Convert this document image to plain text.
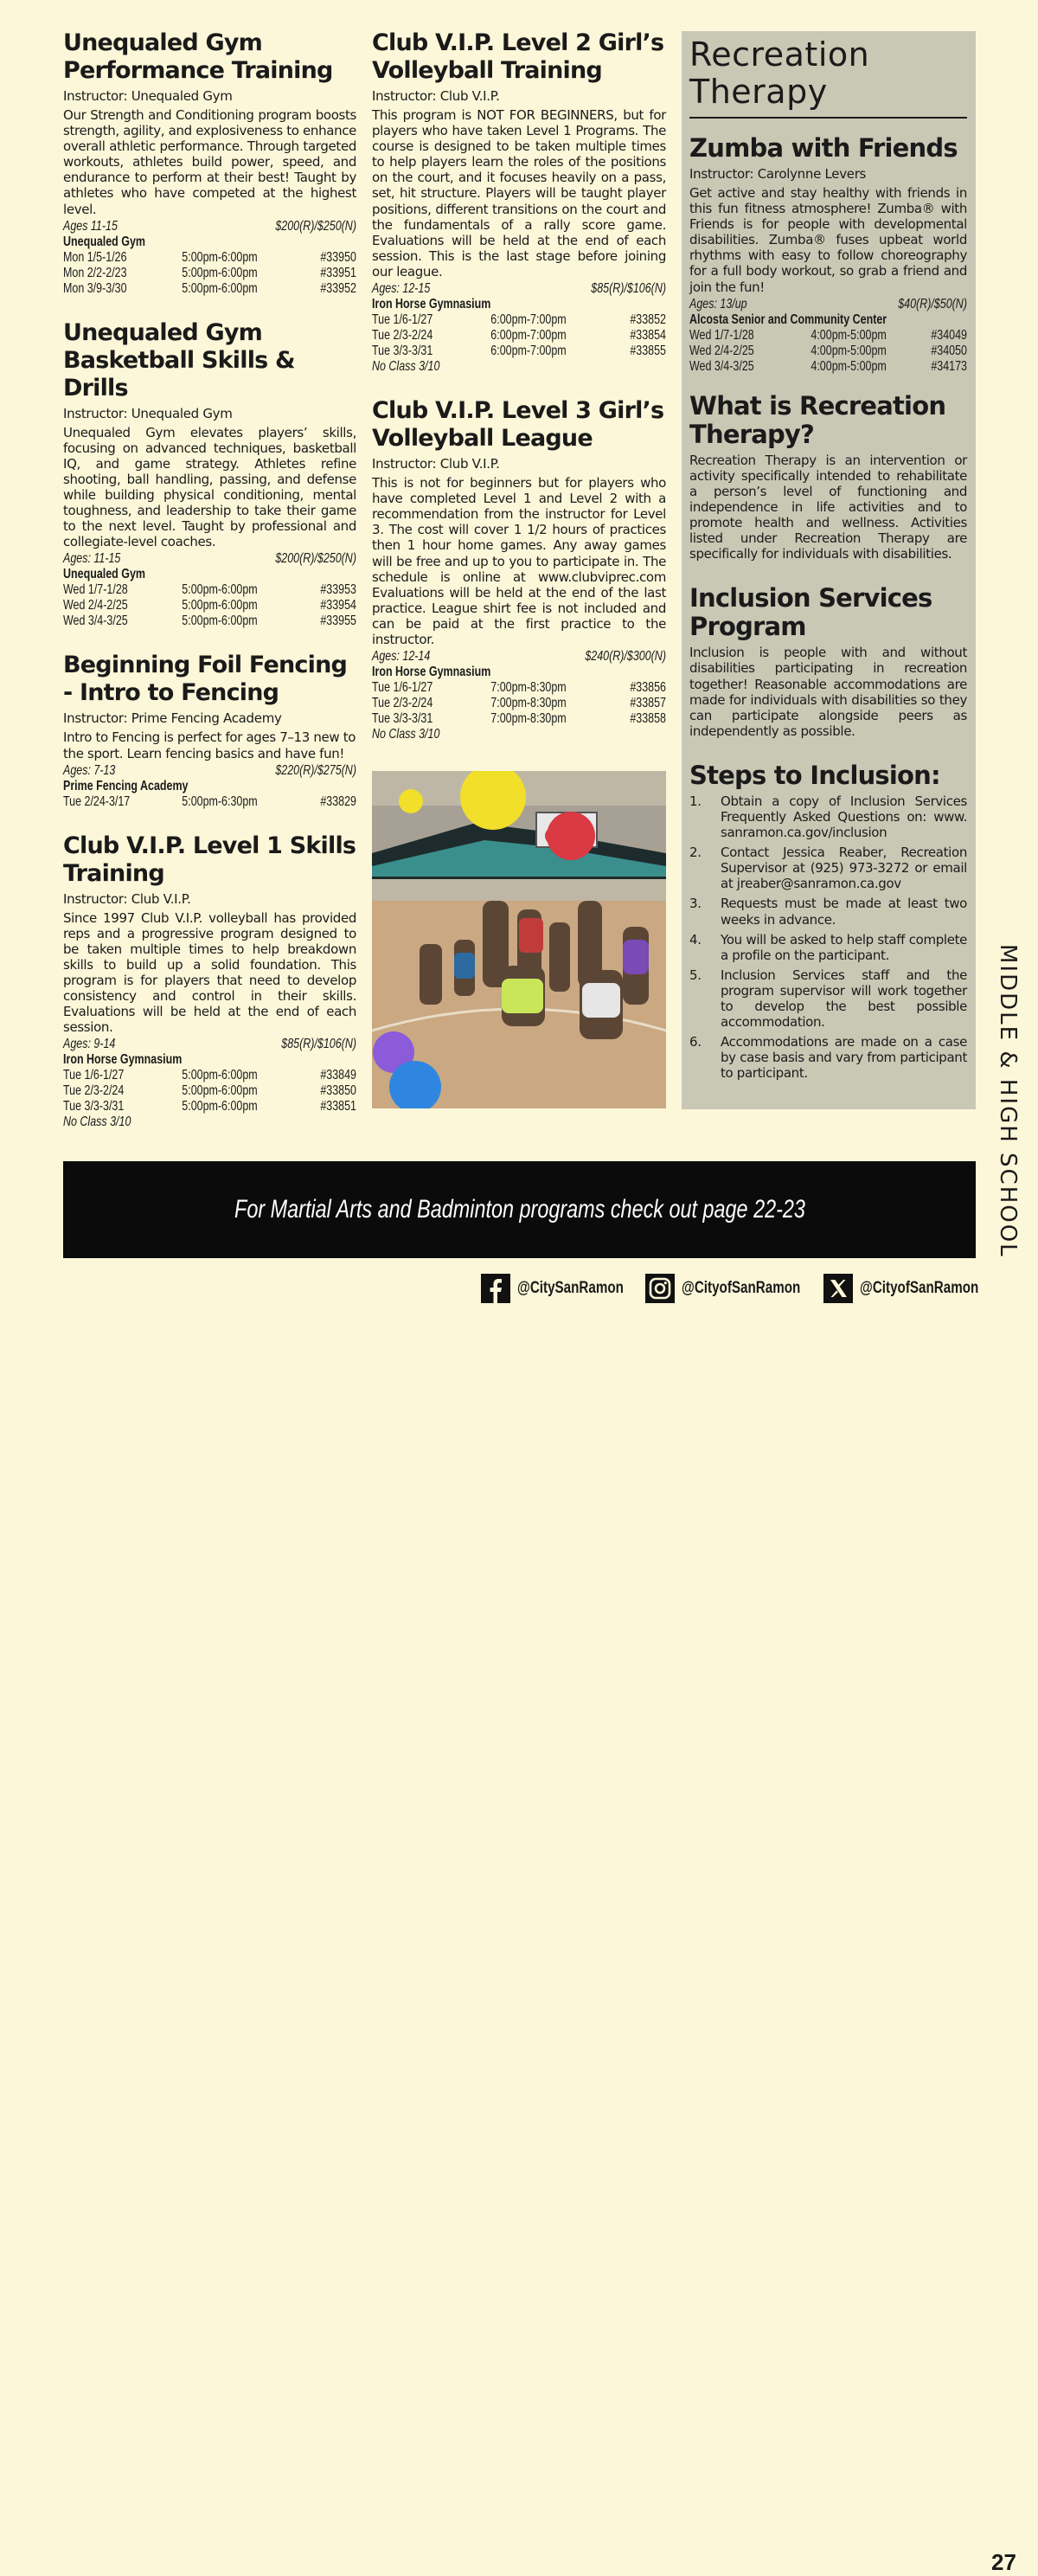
Unequaled Gym Performance Training

Instructor: Unequaled Gym

Our Strength and Conditioning program boosts strength, agility, and explosiveness to enhance overall athletic performance. Through targeted workouts, athletes build power, speed, and endurance to perform at their best! Taught by athletes who have competed at the highest level.

Ages 11-15	$200(R)/$250(N)
Unequaled Gym
Mon 1/5-1/26	5:00pm-6:00pm	#33950
Mon 2/2-2/23	5:00pm-6:00pm	#33951
Mon 3/9-3/30	5:00pm-6:00pm	#33952
Unequaled Gym Basketball Skills & Drills

Instructor: Unequaled Gym

Unequaled Gym elevates players’ skills, focusing on advanced techniques, basketball IQ, and game strategy. Athletes refine shooting, ball handling, passing, and defense while building physical conditioning, mental toughness, and leadership to take their game to the next level. Taught by professional and collegiate-level coaches.

Ages: 11-15	$200(R)/$250(N)
Unequaled Gym
Wed 1/7-1/28	5:00pm-6:00pm	#33953
Wed 2/4-2/25	5:00pm-6:00pm	#33954
Wed 3/4-3/25	5:00pm-6:00pm	#33955
Beginning Foil Fencing - Intro to Fencing

Instructor: Prime Fencing Academy

Intro to Fencing is perfect for ages 7–13 new to the sport. Learn fencing basics and have fun!

Ages: 7-13	$220(R)/$275(N)
Prime Fencing Academy
Tue 2/24-3/17	5:00pm-6:30pm	#33829
Club V.I.P. Level 1 Skills Training

Instructor: Club V.I.P.

Since 1997 Club V.I.P. volleyball has provided reps and a progressive program designed to be taken multiple times to help breakdown skills to build up a solid foundation. This program is for players that need to develop consistency and control in their skills. Evaluations will be held at the end of each session.

Ages: 9-14	$85(R)/$106(N)
Iron Horse Gymnasium
Tue 1/6-1/27	5:00pm-6:00pm	#33849
Tue 2/3-2/24	5:00pm-6:00pm	#33850
Tue 3/3-3/31	5:00pm-6:00pm	#33851
No Class 3/10
Club V.I.P. Level 2 Girl’s Volleyball Training

Instructor: Club V.I.P.

This program is NOT FOR BEGINNERS, but for players who have taken Level 1 Programs. The course is designed to be taken multiple times to help players learn the roles of the positions on the court, and it focuses heavily on a pass, set, hit structure. Players will be taught player positions, different transitions on the court and the fundamentals of a rally score game. Evaluations will be held at the end of each session. This is the last stage before joining our league.

Ages: 12-15	$85(R)/$106(N)
Iron Horse Gymnasium
Tue 1/6-1/27	6:00pm-7:00pm	#33852
Tue 2/3-2/24	6:00pm-7:00pm	#33854
Tue 3/3-3/31	6:00pm-7:00pm	#33855
No Class 3/10
Club V.I.P. Level 3 Girl’s Volleyball League

Instructor: Club V.I.P.

This is not for beginners but for players who have completed Level 1 and Level 2 with a recommendation from the instructor for Level 3. The cost will cover 1 1/2 hours of practices then 1 hour home games. Any away games will be free and up to you to participate in. The schedule is online at www.clubviprec.com Evaluations will be held at the end of the last practice. League shirt fee is not included and can be paid at the first practice to the instructor.

Ages: 12-14	$240(R)/$300(N)
Iron Horse Gymnasium
Tue 1/6-1/27	7:00pm-8:30pm	#33856
Tue 2/3-2/24	7:00pm-8:30pm	#33857
Tue 3/3-3/31	7:00pm-8:30pm	#33858
No Class 3/10
Recreation Therapy
Zumba with Friends

Instructor: Carolynne Levers

Get active and stay healthy with friends in this fun fitness atmosphere! Zumba® with Friends is for people with developmental disabilities. Zumba® fuses upbeat world rhythms with easy to follow choreography for a full body workout, so grab a friend and join the fun!

Ages: 13/up	$40(R)/$50(N)
Alcosta Senior and Community Center
Wed 1/7-1/28	4:00pm-5:00pm	#34049
Wed 2/4-2/25	4:00pm-5:00pm	#34050
Wed 3/4-3/25	4:00pm-5:00pm	#34173
What is Recreation Therapy?

Recreation Therapy is an intervention or activity specifically intended to rehabilitate a person’s level of functioning and independence in life activities and to promote health and wellness. Activities listed under Recreation Therapy are specifically for individuals with disabilities.

Inclusion Services Program

Inclusion is people with and without disabilities participating in recreation together! Reasonable accommodations are made for individuals with disabilities so they can participate alongside peers as independently as possible.

Steps to Inclusion:
1.	Obtain a copy of Inclusion Services Frequently Asked Questions on: www. sanramon.ca.gov/inclusion
2.	Contact Jessica Reaber, Recreation Supervisor at (925) 973-3272 or email at jreaber@sanramon.ca.gov
3.	Requests must be made at least two weeks in advance.
4.	You will be asked to help staff complete a profile on the participant.
5.	Inclusion Services staff and the program supervisor will work together to develop the best possible accommodation.
6.	Accommodations are made on a case by case basis and vary from participant to participant.	MIDDLE & HIGH SCHOOL
For Martial Arts and Badminton programs check out page 22-23
@CitySanRamon	@CityofSanRamon	@CityofSanRamon
27
